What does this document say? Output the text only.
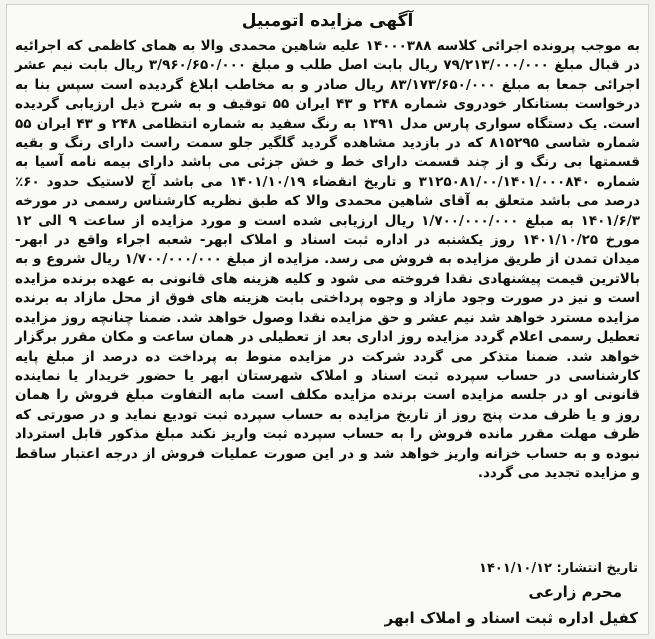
آگهی مزایده اتومبیل

به موجب پرونده اجرائی کلاسه ۱۴۰۰۰۳۸۸ علیه شاهین محمدی والا به همای کاظمی که اجرائیه در قبال مبلغ ۷۹/۲۱۳/۰۰۰/۰۰۰ ریال بابت اصل طلب و مبلغ ۳/۹۶۰/۶۵۰/۰۰۰ ریال بابت نیم عشر اجرائی جمعا به مبلغ ۸۳/۱۷۳/۶۵۰/۰۰۰ ریال صادر و به مخاطب ابلاغ گردیده است سپس بنا به درخواست بستانکار خودروی شماره ۲۴۸ و ۴۳ ایران ۵۵ توقیف و به شرح ذیل ارزیابی گردیده است. یک دستگاه سواری پارس مدل ۱۳۹۱ به رنگ سفید به شماره انتظامی ۲۴۸ و ۴۳ ایران ۵۵ شماره شاسی ۸۱۵۲۹۵ که در بازدید مشاهده گردید گلگیر جلو سمت راست دارای رنگ و بقیه قسمتها بی رنگ و از چند قسمت دارای خط و خش جزئی می باشد دارای بیمه نامه آسیا به شماره ۳۱۲۵۰۸۱/۰۰/۱۴۰۱/۰۰۰۸۴۰ و تاریخ انقضاء ۱۴۰۱/۱۰/۱۹ می باشد آج لاستیک حدود ۶۰٪ درصد می باشد متعلق به آقای شاهین محمدی والا که طبق نظریه کارشناس رسمی در مورخه ۱۴۰۱/۶/۳ به مبلغ ۱/۷۰۰/۰۰۰/۰۰۰ ریال ارزیابی شده است و مورد مزایده از ساعت ۹ الی ۱۲ مورخ ۱۴۰۱/۱۰/۲۵ روز یکشنبه در اداره ثبت اسناد و املاک ابهر- شعبه اجراء واقع در ابهر- میدان تمدن از طریق مزایده به فروش می رسد. مزایده از مبلغ ۱/۷۰۰/۰۰۰/۰۰۰ ریال شروع و به بالاترین قیمت پیشنهادی نقدا فروخته می شود و کلیه هزینه های قانونی به عهده برنده مزایده است و نیز در صورت وجود مازاد و وجوه پرداختی بابت هزینه های فوق از محل مازاد به برنده مزایده مسترد خواهد شد نیم عشر و حق مزایده نقدا وصول خواهد شد. ضمنا چنانچه روز مزایده تعطیل رسمی اعلام گردد مزایده روز اداری بعد از تعطیلی در همان ساعت و مکان مقرر برگزار خواهد شد. ضمنا متذکر می گردد شرکت در مزایده منوط به پرداخت ده درصد از مبلغ پایه کارشناسی در حساب سپرده ثبت اسناد و املاک شهرستان ابهر یا حضور خریدار یا نماینده قانونی او در جلسه مزایده است برنده مزایده مکلف است مابه التفاوت مبلغ فروش را همان روز و یا ظرف مدت پنج روز از تاریخ مزایده به حساب سپرده ثبت تودیع نماید و در صورتی که ظرف مهلت مقرر مانده فروش را به حساب سپرده ثبت واریز نکند مبلغ مذکور قابل استرداد نبوده و به حساب خزانه واریز خواهد شد و در این صورت عملیات فروش از درجه اعتبار ساقط و مزایده تجدید می گردد.

تاریخ انتشار: ۱۴۰۱/۱۰/۱۲
محرم زارعی
کفیل اداره ثبت اسناد و املاک ابهر
